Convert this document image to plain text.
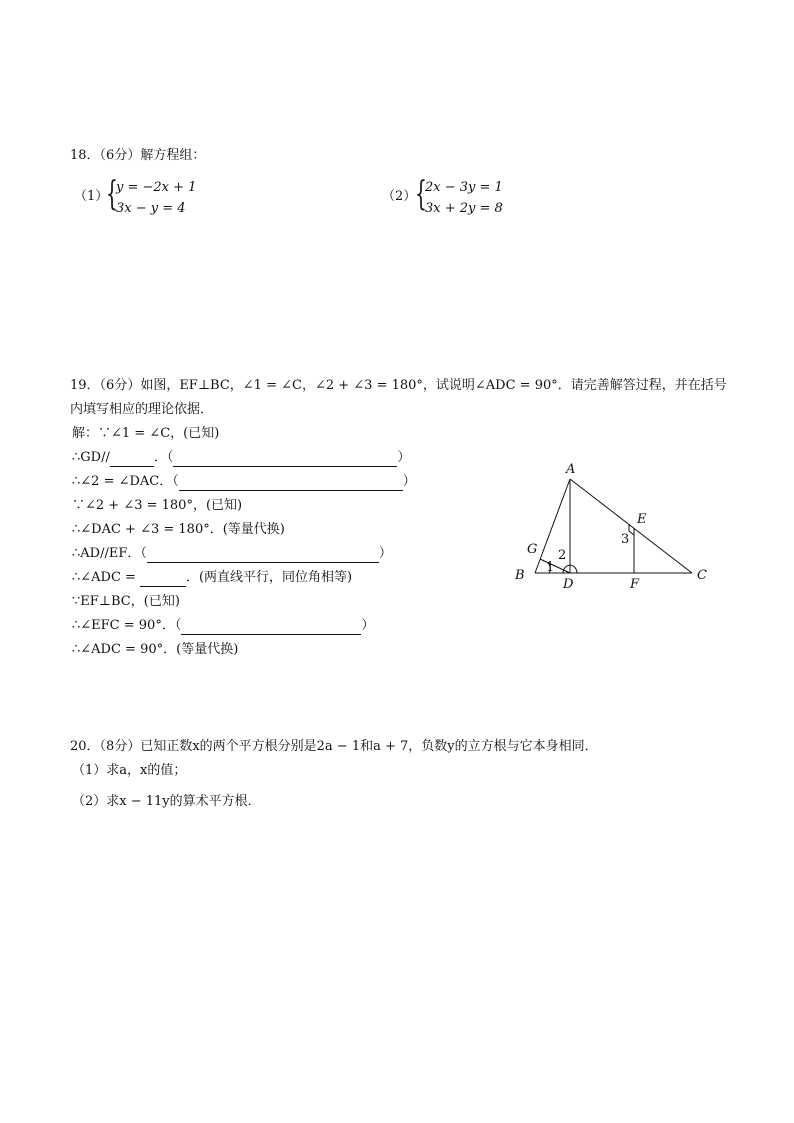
18．（6分）解方程组：
（1）
{
y = −2x + 1
3x − y = 4
（2）
{
2x − 3y = 1
3x + 2y = 8
19．（6分）如图，EF⊥BC，∠1 = ∠C，∠2 + ∠3 = 180°，试说明∠ADC = 90°．请完善解答过程，并在括号
内填写相应的理论依据．
解：∵∠1 = ∠C，(已知)
∴GD//	．（	）
∴∠2 = ∠DAC．（	）
∵∠2 + ∠3 = 180°，(已知)
∴∠DAC + ∠3 = 180°．(等量代换)
∴AD//EF．（	）
∴∠ADC =	．(两直线平行，同位角相等)
∵EF⊥BC，(已知)
∴∠EFC = 90°．（	）
∴∠ADC = 90°．(等量代换)
A
B	C
D
E
F
G
1
2
3
20．（8分）已知正数x的两个平方根分别是2a − 1和a + 7，负数y的立方根与它本身相同．
（1）求a，x的值；
（2）求x − 11y的算术平方根．
